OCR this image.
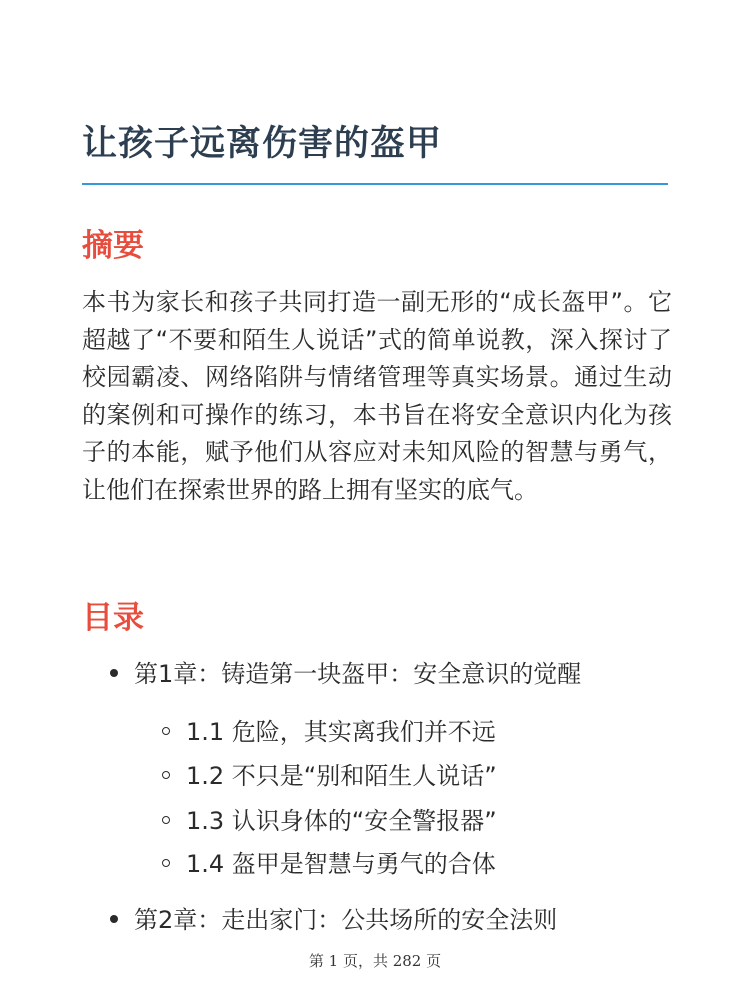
让孩子远离伤害的盔甲
摘要

本书为家长和孩子共同打造一副无形的“成长盔甲”。它超越了“不要和陌生人说话”式的简单说教，深入探讨了校园霸凌、网络陷阱与情绪管理等真实场景。通过生动的案例和可操作的练习，本书旨在将安全意识内化为孩子的本能，赋予他们从容应对未知风险的智慧与勇气，让他们在探索世界的路上拥有坚实的底气。

目录
第1章：铸造第一块盔甲：安全意识的觉醒
1.1 危险，其实离我们并不远
1.2 不只是“别和陌生人说话”
1.3 认识身体的“安全警报器”
1.4 盔甲是智慧与勇气的合体
第2章：走出家门：公共场所的安全法则
第 1 页，共 282 页
